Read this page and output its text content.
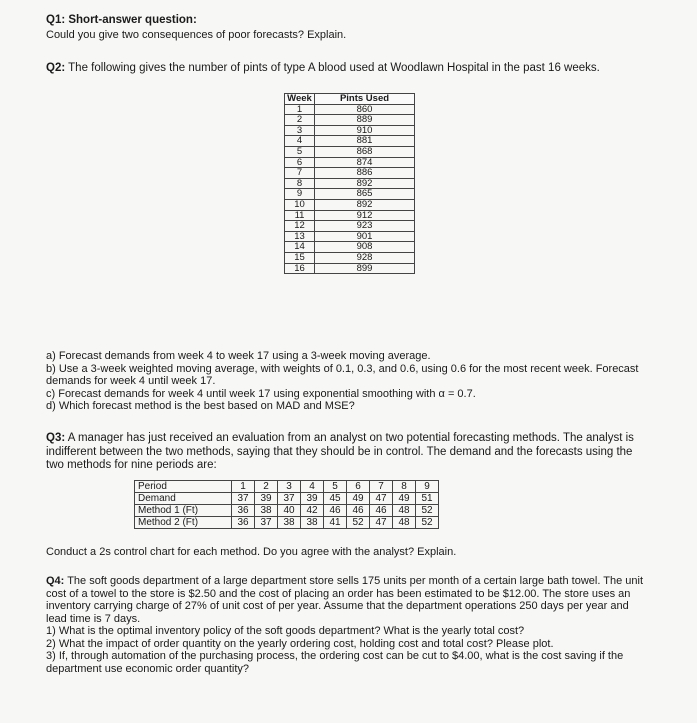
Q1: Short-answer question:

Could you give two consequences of poor forecasts? Explain.

Q2: The following gives the number of pints of type A blood used at Woodlawn Hospital in the past 16 weeks.

Week	Pints Used
1	860
2	889
3	910
4	881
5	868
6	874
7	886
8	892
9	865
10	892
11	912
12	923
13	901
14	908
15	928
16	899

a) Forecast demands from week 4 to week 17 using a 3-week moving average.

b) Use a 3-week weighted moving average, with weights of 0.1, 0.3, and 0.6, using 0.6 for the most recent week. Forecast demands for week 4 until week 17.

c) Forecast demands for week 4 until week 17 using exponential smoothing with α = 0.7.

d) Which forecast method is the best based on MAD and MSE?

Q3: A manager has just received an evaluation from an analyst on two potential forecasting methods. The analyst is indifferent between the two methods, saying that they should be in control. The demand and the forecasts using the two methods for nine periods are:

Period	1	2	3	4	5	6	7	8	9
Demand	37	39	37	39	45	49	47	49	51
Method 1 (Ft)	36	38	40	42	46	46	46	48	52
Method 2 (Ft)	36	37	38	38	41	52	47	48	52

Conduct a 2s control chart for each method. Do you agree with the analyst? Explain.

Q4: The soft goods department of a large department store sells 175 units per month of a certain large bath towel. The unit cost of a towel to the store is $2.50 and the cost of placing an order has been estimated to be $12.00. The store uses an inventory carrying charge of 27% of unit cost of per year. Assume that the department operations 250 days per year and lead time is 7 days.

1) What is the optimal inventory policy of the soft goods department? What is the yearly total cost?

2) What the impact of order quantity on the yearly ordering cost, holding cost and total cost? Please plot.

3) If, through automation of the purchasing process, the ordering cost can be cut to $4.00, what is the cost saving if the department use economic order quantity?
